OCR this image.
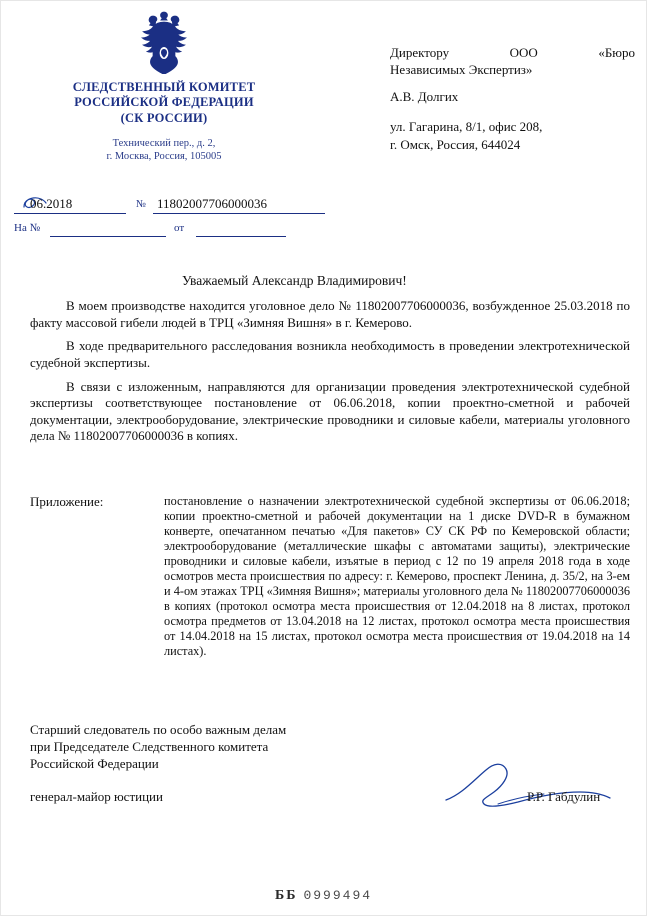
СЛЕДСТВЕННЫЙ КОМИТЕТ
РОССИЙСКОЙ ФЕДЕРАЦИИ
(СК РОССИИ)
Технический пер., д. 2,
г. Москва, Россия, 105005
06.2018	№ 11802007706000036
На №	от
Директору ООО «Бюро
Независимых Экспертиз»
А.В. Долгих
ул. Гагарина, 8/1, офис 208,
г. Омск, Россия, 644024
Уважаемый Александр Владимирович!

В моем производстве находится уголовное дело № 11802007706000036, возбужденное 25.03.2018 по факту массовой гибели людей в ТРЦ «Зимняя Вишня» в г. Кемерово.

В ходе предварительного расследования возникла необходимость в проведении электротехнической судебной экспертизы.

В связи с изложенным, направляются для организации проведения электротехнической судебной экспертизы соответствующее постановление от 06.06.2018, копии проектно-сметной и рабочей документации, электрооборудование, электрические проводники и силовые кабели, материалы уголовного дела № 11802007706000036 в копиях.

Приложение:	постановление о назначении электротехнической судебной экспертизы от 06.06.2018; копии проектно-сметной и рабочей документации на 1 диске DVD-R в бумажном конверте, опечатанном печатью «Для пакетов» СУ СК РФ по Кемеровской области; электрооборудование (металлические шкафы с автоматами защиты), электрические проводники и силовые кабели, изъятые в период с 12 по 19 апреля 2018 года в ходе осмотров места происшествия по адресу: г. Кемерово, проспект Ленина, д. 35/2, на 3-ем и 4-ом этажах ТРЦ «Зимняя Вишня»; материалы уголовного дела № 11802007706000036 в копиях (протокол осмотра места происшествия от 12.04.2018 на 8 листах, протокол осмотра предметов от 13.04.2018 на 12 листах, протокол осмотра места происшествия от 14.04.2018 на 15 листах, протокол осмотра места происшествия от 19.04.2018 на 14 листах).
Старший следователь по особо важным делам
при Председателе Следственного комитета
Российской Федерации
генерал-майор юстиции	Р.Р. Габдулин
ББ 0999494
